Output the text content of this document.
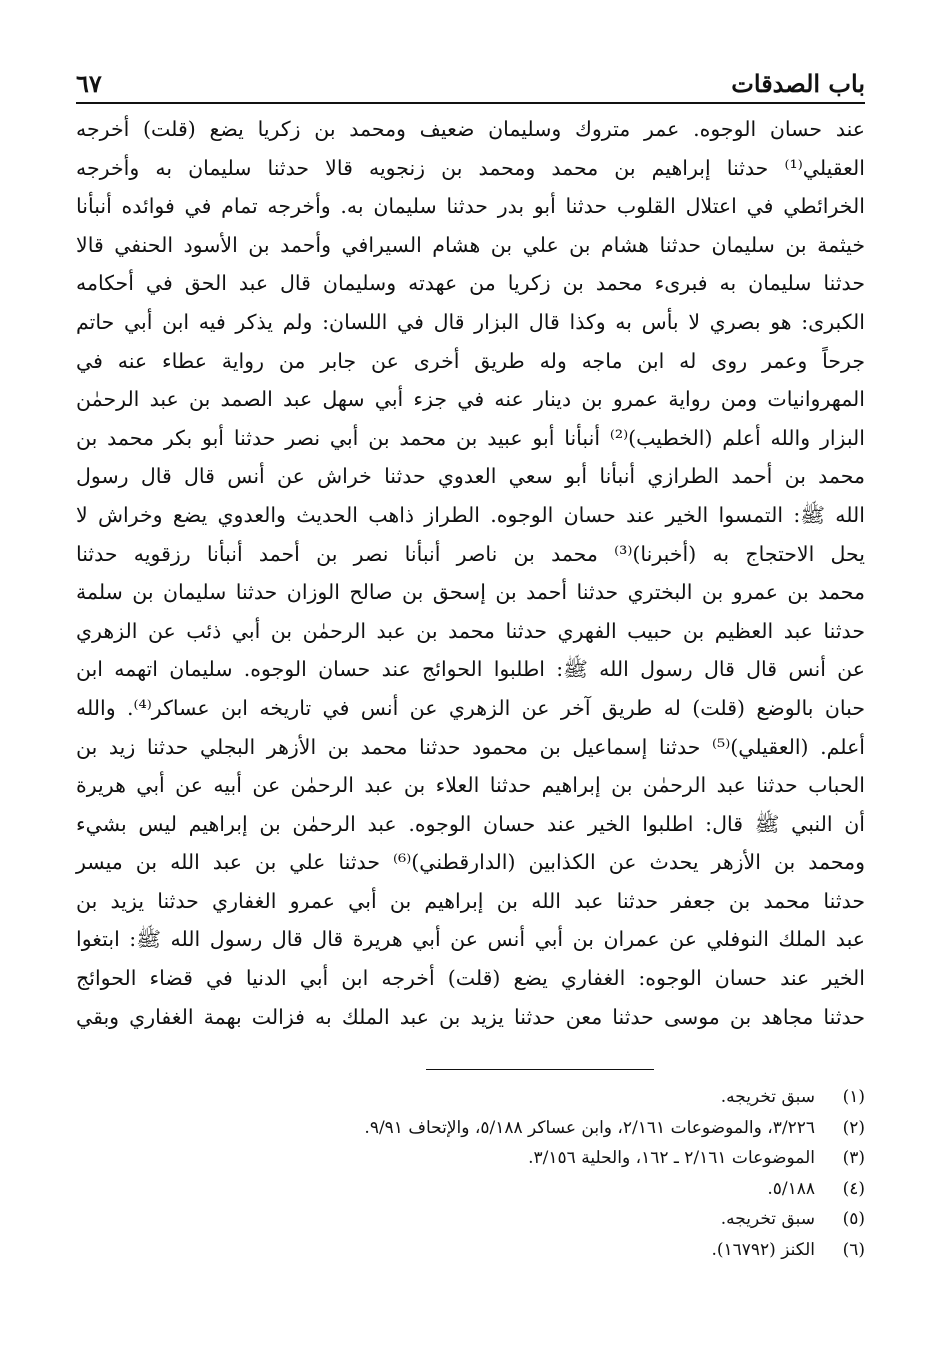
باب الصدقات
٦٧
عند حسان الوجوه. عمر متروك وسليمان ضعيف ومحمد بن زكريا يضع (قلت) أخرجه
العقيلي⁽¹⁾ حدثنا إبراهيم بن محمد ومحمد بن زنجويه قالا حدثنا سليمان به وأخرجه
الخرائطي في اعتلال القلوب حدثنا أبو بدر حدثنا سليمان به. وأخرجه تمام في فوائده أنبأنا
خيثمة بن سليمان حدثنا هشام بن علي بن هشام السيرافي وأحمد بن الأسود الحنفي قالا
حدثنا سليمان به فبرىء محمد بن زكريا من عهدته وسليمان قال عبد الحق في أحكامه
الكبرى: هو بصري لا بأس به وكذا قال البزار قال في اللسان: ولم يذكر فيه ابن أبي حاتم
جرحاً وعمر روى له ابن ماجه وله طريق أخرى عن جابر من رواية عطاء عنه في
المهروانيات ومن رواية عمرو بن دينار عنه في جزء أبي سهل عبد الصمد بن عبد الرحمٰن
البزار والله أعلم (الخطيب)⁽²⁾ أنبأنا أبو عبيد بن محمد بن أبي نصر حدثنا أبو بكر محمد بن
محمد بن أحمد الطرازي أنبأنا أبو سعي العدوي حدثنا خراش عن أنس قال قال رسول
الله ﷺ: التمسوا الخير عند حسان الوجوه. الطراز ذاهب الحديث والعدوي يضع وخراش لا
يحل الاحتجاج به (أخبرنا)⁽³⁾ محمد بن ناصر أنبأنا نصر بن أحمد أنبأنا رزقويه حدثنا
محمد بن عمرو بن البختري حدثنا أحمد بن إسحق بن صالح الوزان حدثنا سليمان بن سلمة
حدثنا عبد العظيم بن حبيب الفهري حدثنا محمد بن عبد الرحمٰن بن أبي ذئب عن الزهري
عن أنس قال قال رسول الله ﷺ: اطلبوا الحوائج عند حسان الوجوه. سليمان اتهمه ابن
حبان بالوضع (قلت) له طريق آخر عن الزهري عن أنس في تاريخه ابن عساكر⁽⁴⁾. والله
أعلم. (العقيلي)⁽⁵⁾ حدثنا إسماعيل بن محمود حدثنا محمد بن الأزهر البجلي حدثنا زيد بن
الحباب حدثنا عبد الرحمٰن بن إبراهيم حدثنا العلاء بن عبد الرحمٰن عن أبيه عن أبي هريرة
أن النبي ﷺ قال: اطلبوا الخير عند حسان الوجوه. عبد الرحمٰن بن إبراهيم ليس بشيء
ومحمد بن الأزهر يحدث عن الكذابين (الدارقطني)⁽⁶⁾ حدثنا علي بن عبد الله بن ميسر
حدثنا محمد بن جعفر حدثنا عبد الله بن إبراهيم بن أبي عمرو الغفاري حدثنا يزيد بن
عبد الملك النوفلي عن عمران بن أبي أنس عن أبي هريرة قال قال رسول الله ﷺ: ابتغوا
الخير عند حسان الوجوه: الغفاري يضع (قلت) أخرجه ابن أبي الدنيا في قضاء الحوائج
حدثنا مجاهد بن موسى حدثنا معن حدثنا يزيد بن عبد الملك به فزالت بهمة الغفاري وبقي
(١)
سبق تخريجه.
(٢)
٣/٢٢٦، والموضوعات ٢/١٦١، وابن عساكر ٥/١٨٨، والإتحاف ٩/٩١.
(٣)
الموضوعات ٢/١٦١ ـ ١٦٢، والحلية ٣/١٥٦.
(٤)
٥/١٨٨.
(٥)
سبق تخريجه.
(٦)
الكنز (١٦٧٩٢).
